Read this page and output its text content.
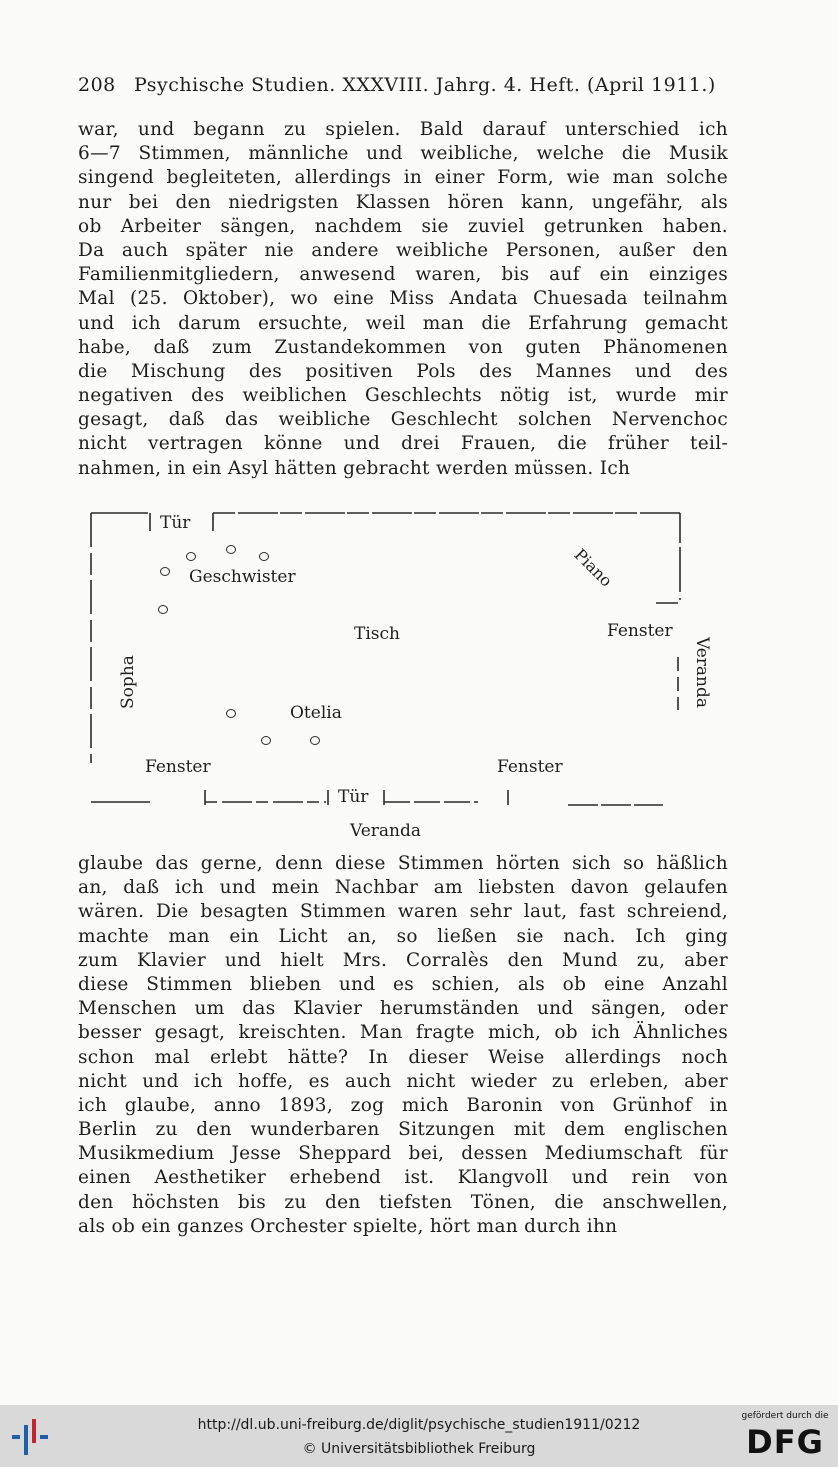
208 Psychische Studien. XXXVIII. Jahrg. 4. Heft. (April 1911.)
war, und begann zu spielen. Bald darauf unterschied ich
6—7 Stimmen, männliche und weibliche, welche die Musik
singend begleiteten, allerdings in einer Form, wie man solche
nur bei den niedrigsten Klassen hören kann, ungefähr, als
ob Arbeiter sängen, nachdem sie zuviel getrunken haben.
Da auch später nie andere weibliche Personen, außer den
Familienmitgliedern, anwesend waren, bis auf ein einziges
Mal (25. Oktober), wo eine Miss Andata Chuesada teilnahm
und ich darum ersuchte, weil man die Erfahrung gemacht
habe, daß zum Zustandekommen von guten Phänomenen
die Mischung des positiven Pols des Mannes und des
negativen des weiblichen Geschlechts nötig ist, wurde mir
gesagt, daß das weibliche Geschlecht solchen Nervenchoc
nicht vertragen könne und drei Frauen, die früher teil-
nahmen, in ein Asyl hätten gebracht werden müssen. Ich
Tür
Geschwister	Piano
Fenster
Tisch
Sopha	Veranda
Otelia
Fenster	Fenster
Tür
Veranda
glaube das gerne, denn diese Stimmen hörten sich so häßlich
an, daß ich und mein Nachbar am liebsten davon gelaufen
wären. Die besagten Stimmen waren sehr laut, fast schreiend,
machte man ein Licht an, so ließen sie nach. Ich ging
zum Klavier und hielt Mrs. Corralès den Mund zu, aber
diese Stimmen blieben und es schien, als ob eine Anzahl
Menschen um das Klavier herumständen und sängen, oder
besser gesagt, kreischten. Man fragte mich, ob ich Ähnliches
schon mal erlebt hätte? In dieser Weise allerdings noch
nicht und ich hoffe, es auch nicht wieder zu erleben, aber
ich glaube, anno 1893, zog mich Baronin von Grünhof in
Berlin zu den wunderbaren Sitzungen mit dem englischen
Musikmedium Jesse Sheppard bei, dessen Mediumschaft für
einen Aesthetiker erhebend ist. Klangvoll und rein von
den höchsten bis zu den tiefsten Tönen, die anschwellen,
als ob ein ganzes Orchester spielte, hört man durch ihn
http://dl.ub.uni-freiburg.de/diglit/psychische_studien1911/0212
© Universitätsbibliothek Freiburg
gefördert durch die
DFG
